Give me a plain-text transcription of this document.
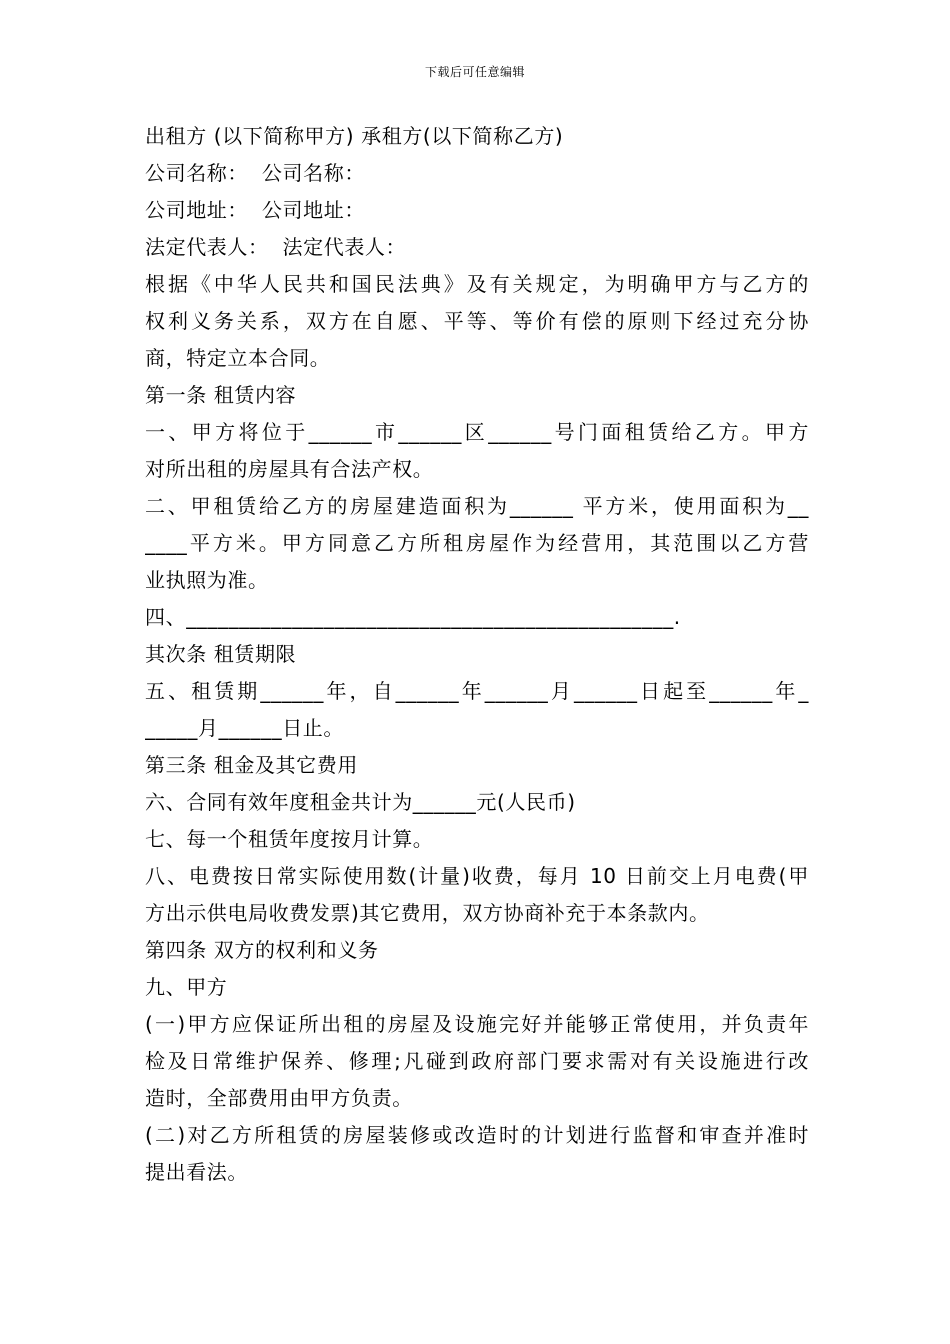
下载后可任意编辑
出租方 (以下简称甲方) 承租方(以下简称乙方)
公司名称：  公司名称：
公司地址：  公司地址：
法定代表人：  法定代表人：
根据《中华人民共和国民法典》及有关规定，为明确甲方与乙方的
权利义务关系，双方在自愿、平等、等价有偿的原则下经过充分协
商，特定立本合同。
第一条 租赁内容
一、甲方将位于______市______区______号门面租赁给乙方。甲方
对所出租的房屋具有合法产权。
二、甲租赁给乙方的房屋建造面积为______ 平方米，使用面积为__
____平方米。甲方同意乙方所租房屋作为经营用，其范围以乙方营
业执照为准。
四、______________________________________________.
其次条 租赁期限
五、租赁期______年，自______年______月______日起至______年_
_____月______日止。
第三条 租金及其它费用
六、合同有效年度租金共计为______元(人民币)
七、每一个租赁年度按月计算。
八、电费按日常实际使用数(计量)收费，每月 10 日前交上月电费(甲
方出示供电局收费发票)其它费用，双方协商补充于本条款内。
第四条 双方的权利和义务
九、甲方
(一)甲方应保证所出租的房屋及设施完好并能够正常使用，并负责年
检及日常维护保养、修理;凡碰到政府部门要求需对有关设施进行改
造时，全部费用由甲方负责。
(二)对乙方所租赁的房屋装修或改造时的计划进行监督和审查并准时
提出看法。
